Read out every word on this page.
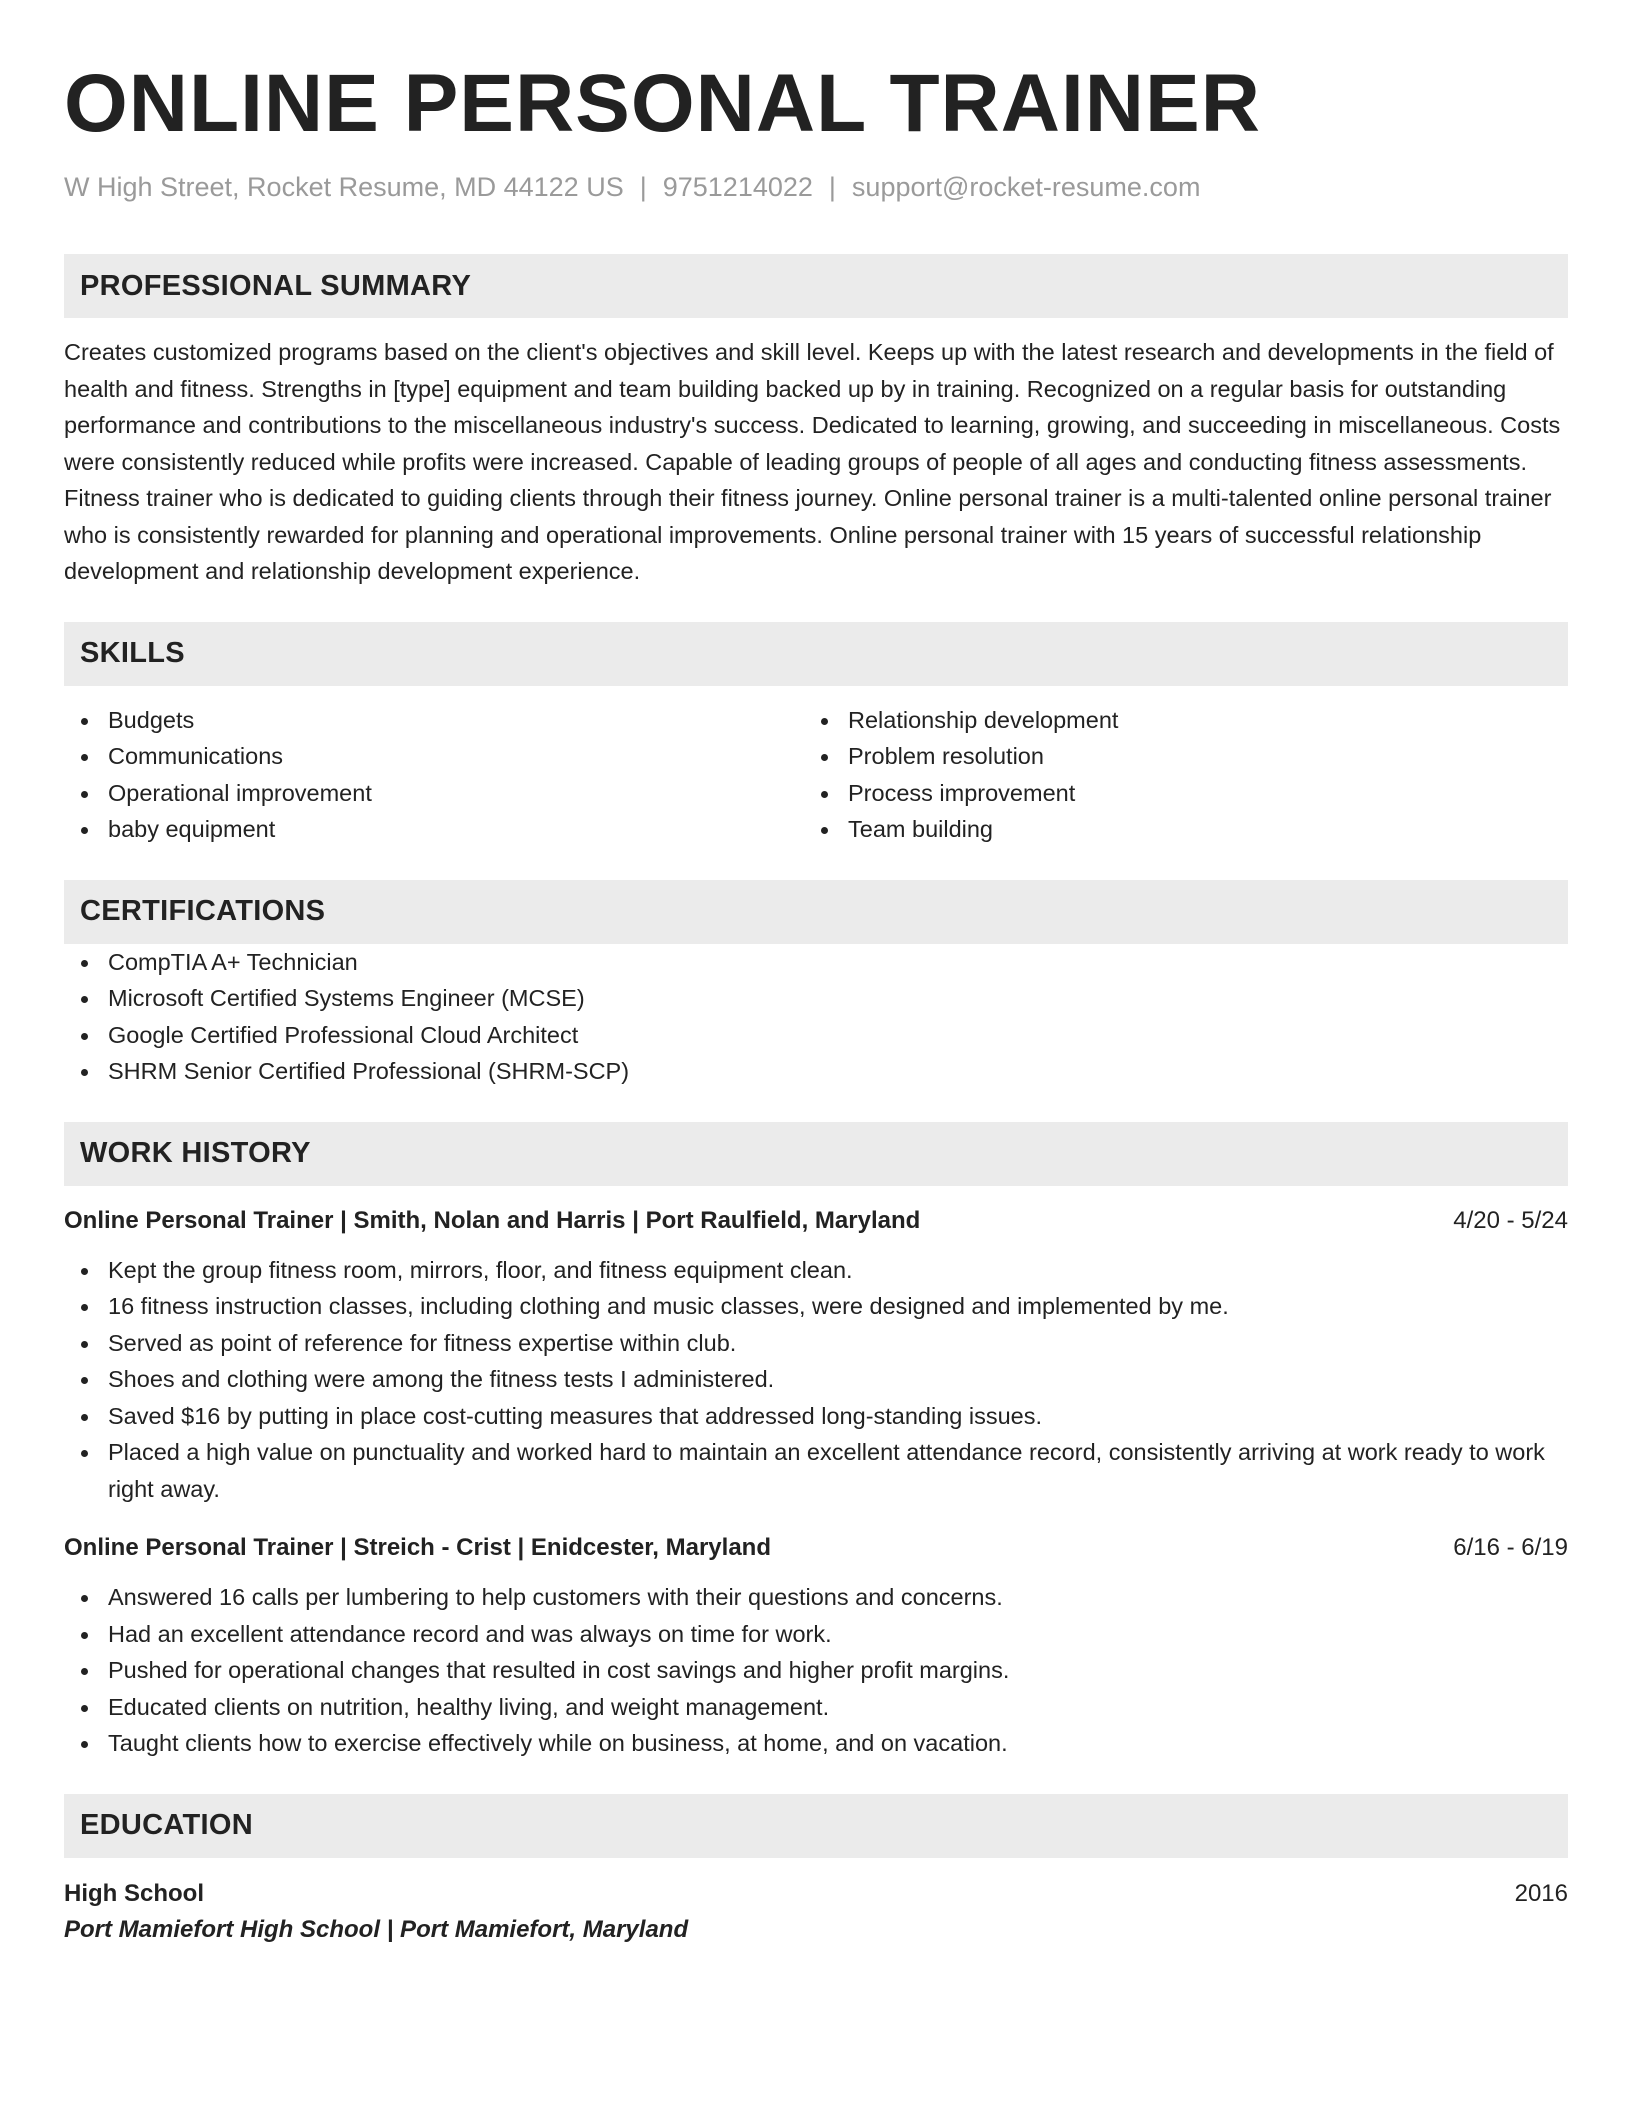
ONLINE PERSONAL TRAINER
W High Street, Rocket Resume, MD 44122 US | 9751214022 | support@rocket-resume.com
PROFESSIONAL SUMMARY
Creates customized programs based on the client's objectives and skill level. Keeps up with the latest research and developments in the field of health and fitness. Strengths in [type] equipment and team building backed up by in training. Recognized on a regular basis for outstanding performance and contributions to the miscellaneous industry's success. Dedicated to learning, growing, and succeeding in miscellaneous. Costs were consistently reduced while profits were increased. Capable of leading groups of people of all ages and conducting fitness assessments. Fitness trainer who is dedicated to guiding clients through their fitness journey. Online personal trainer is a multi-talented online personal trainer who is consistently rewarded for planning and operational improvements. Online personal trainer with 15 years of successful relationship development and relationship development experience.
SKILLS
Budgets
Communications
Operational improvement
baby equipment
Relationship development
Problem resolution
Process improvement
Team building
CERTIFICATIONS
CompTIA A+ Technician
Microsoft Certified Systems Engineer (MCSE)
Google Certified Professional Cloud Architect
SHRM Senior Certified Professional (SHRM-SCP)
WORK HISTORY
Online Personal Trainer | Smith, Nolan and Harris | Port Raulfield, Maryland	4/20 - 5/24
Kept the group fitness room, mirrors, floor, and fitness equipment clean.
16 fitness instruction classes, including clothing and music classes, were designed and implemented by me.
Served as point of reference for fitness expertise within club.
Shoes and clothing were among the fitness tests I administered.
Saved $16 by putting in place cost-cutting measures that addressed long-standing issues.
Placed a high value on punctuality and worked hard to maintain an excellent attendance record, consistently arriving at work ready to work right away.
Online Personal Trainer | Streich - Crist | Enidcester, Maryland	6/16 - 6/19
Answered 16 calls per lumbering to help customers with their questions and concerns.
Had an excellent attendance record and was always on time for work.
Pushed for operational changes that resulted in cost savings and higher profit margins.
Educated clients on nutrition, healthy living, and weight management.
Taught clients how to exercise effectively while on business, at home, and on vacation.
EDUCATION
High School	2016
Port Mamiefort High School | Port Mamiefort, Maryland
